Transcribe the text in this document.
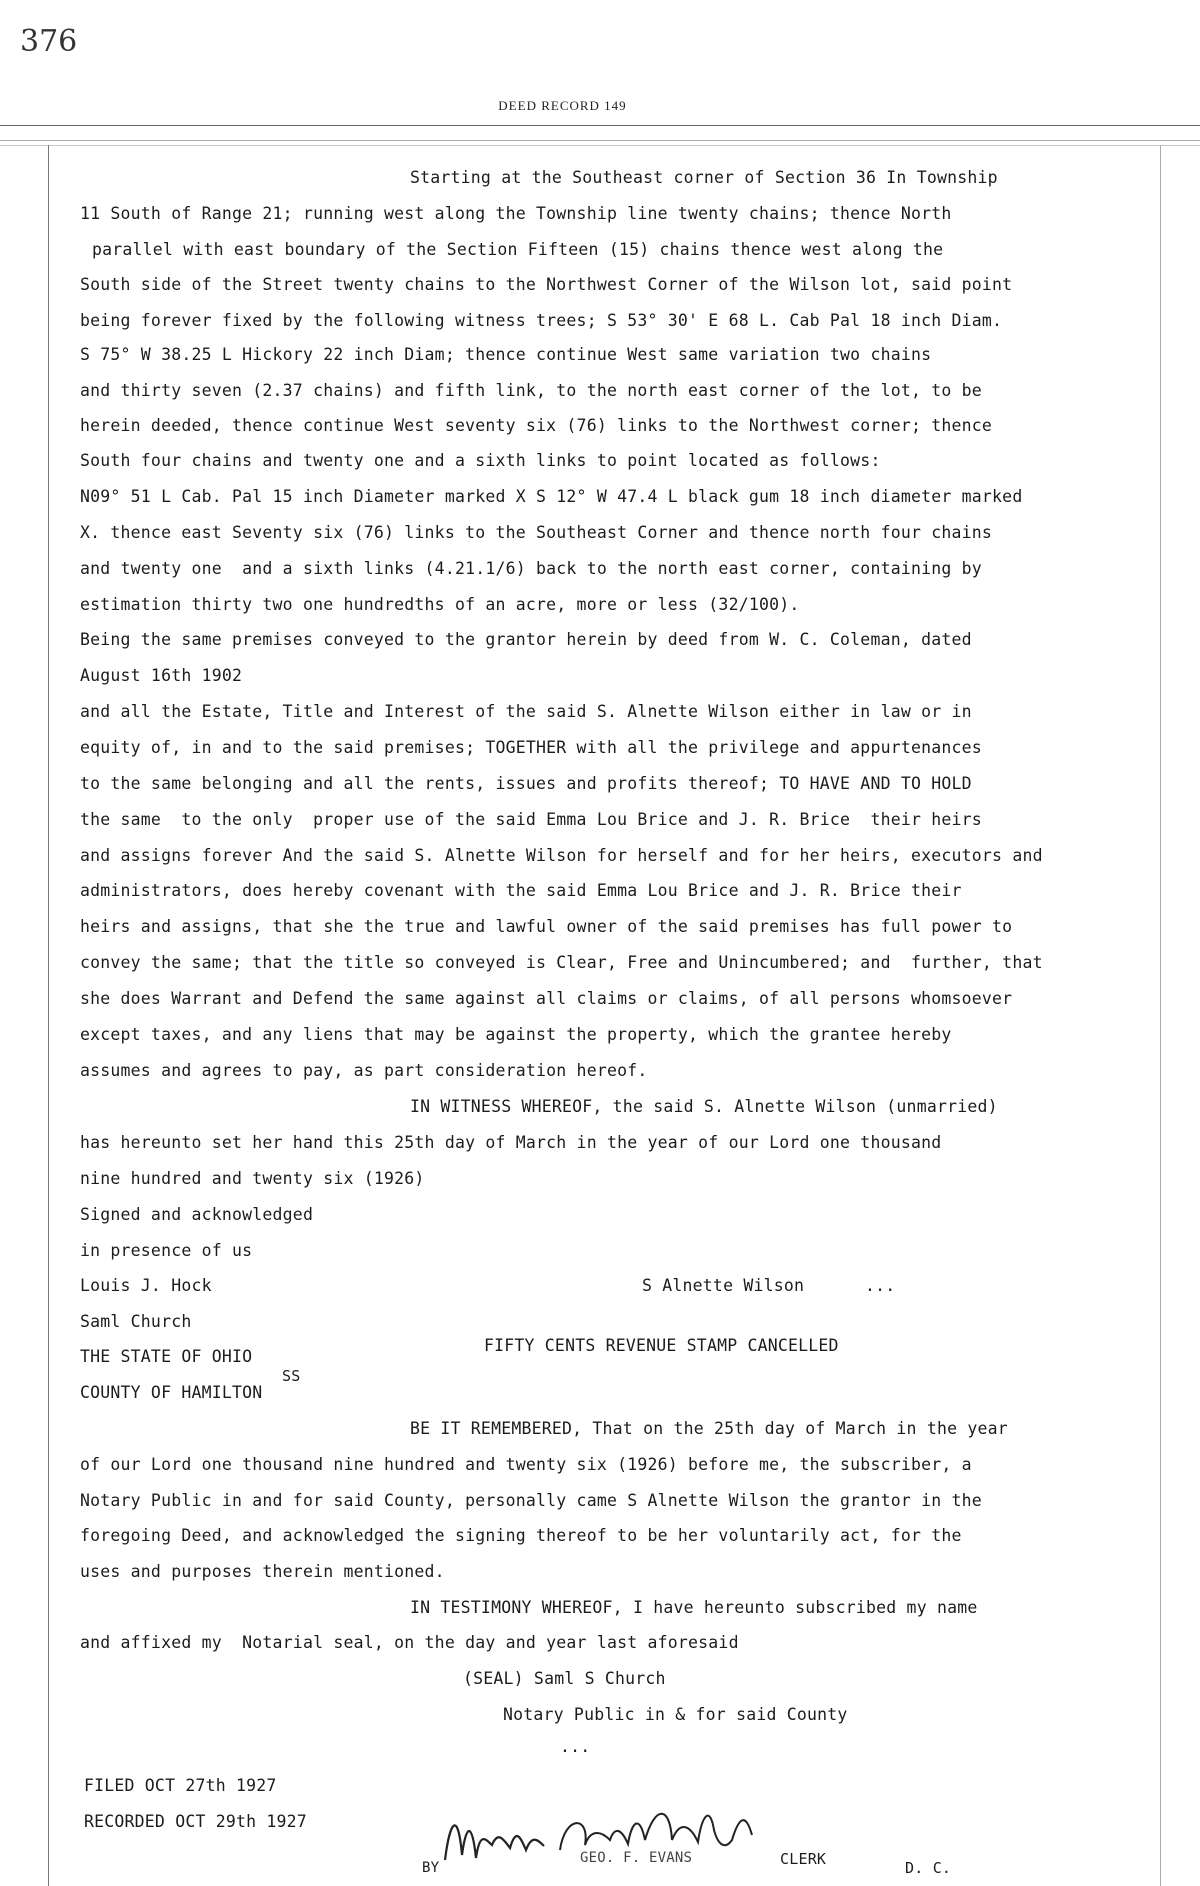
376
DEED RECORD 149
Starting at the Southeast corner of Section 36 In Township
11 South of Range 21; running west along the Township line twenty chains; thence North
parallel with east boundary of the Section Fifteen (15) chains thence west along the
South side of the Street twenty chains to the Northwest Corner of the Wilson lot, said point
being forever fixed by the following witness trees; S 53° 30' E 68 L. Cab Pal 18 inch Diam.
S 75° W 38.25 L Hickory 22 inch Diam; thence continue West same variation two chains
and thirty seven (2.37 chains) and fifth link, to the north east corner of the lot, to be
herein deeded, thence continue West seventy six (76) links to the Northwest corner; thence
South four chains and twenty one and a sixth links to point located as follows:
N09° 51 L Cab. Pal 15 inch Diameter marked X S 12° W 47.4 L black gum 18 inch diameter marked
X. thence east Seventy six (76) links to the Southeast Corner and thence north four chains
and twenty one  and a sixth links (4.21.1/6) back to the north east corner, containing by
estimation thirty two one hundredths of an acre, more or less (32/100).
Being the same premises conveyed to the grantor herein by deed from W. C. Coleman, dated
August 16th 1902
and all the Estate, Title and Interest of the said S. Alnette Wilson either in law or in
equity of, in and to the said premises; TOGETHER with all the privilege and appurtenances
to the same belonging and all the rents, issues and profits thereof; TO HAVE AND TO HOLD
the same  to the only  proper use of the said Emma Lou Brice and J. R. Brice  their heirs
and assigns forever And the said S. Alnette Wilson for herself and for her heirs, executors and
administrators, does hereby covenant with the said Emma Lou Brice and J. R. Brice their
heirs and assigns, that she the true and lawful owner of the said premises has full power to
convey the same; that the title so conveyed is Clear, Free and Unincumbered; and  further, that
she does Warrant and Defend the same against all claims or claims, of all persons whomsoever
except taxes, and any liens that may be against the property, which the grantee hereby
assumes and agrees to pay, as part consideration hereof.
IN WITNESS WHEREOF, the said S. Alnette Wilson (unmarried)
has hereunto set her hand this 25th day of March in the year of our Lord one thousand
nine hundred and twenty six (1926)
Signed and acknowledged
in presence of us
Louis J. Hock	S Alnette Wilson      ...
Saml Church
THE STATE OF OHIO
FIFTY CENTS REVENUE STAMP CANCELLED
SS
COUNTY OF HAMILTON
BE IT REMEMBERED, That on the 25th day of March in the year
of our Lord one thousand nine hundred and twenty six (1926) before me, the subscriber, a
Notary Public in and for said County, personally came S Alnette Wilson the grantor in the
foregoing Deed, and acknowledged the signing thereof to be her voluntarily act, for the
uses and purposes therein mentioned.
IN TESTIMONY WHEREOF, I have hereunto subscribed my name
and affixed my  Notarial seal, on the day and year last aforesaid
(SEAL) Saml S Church
Notary Public in & for said County
...
FILED OCT 27th 1927
RECORDED OCT 29th 1927
BY
GEO. F. EVANS	CLERK	D. C.
